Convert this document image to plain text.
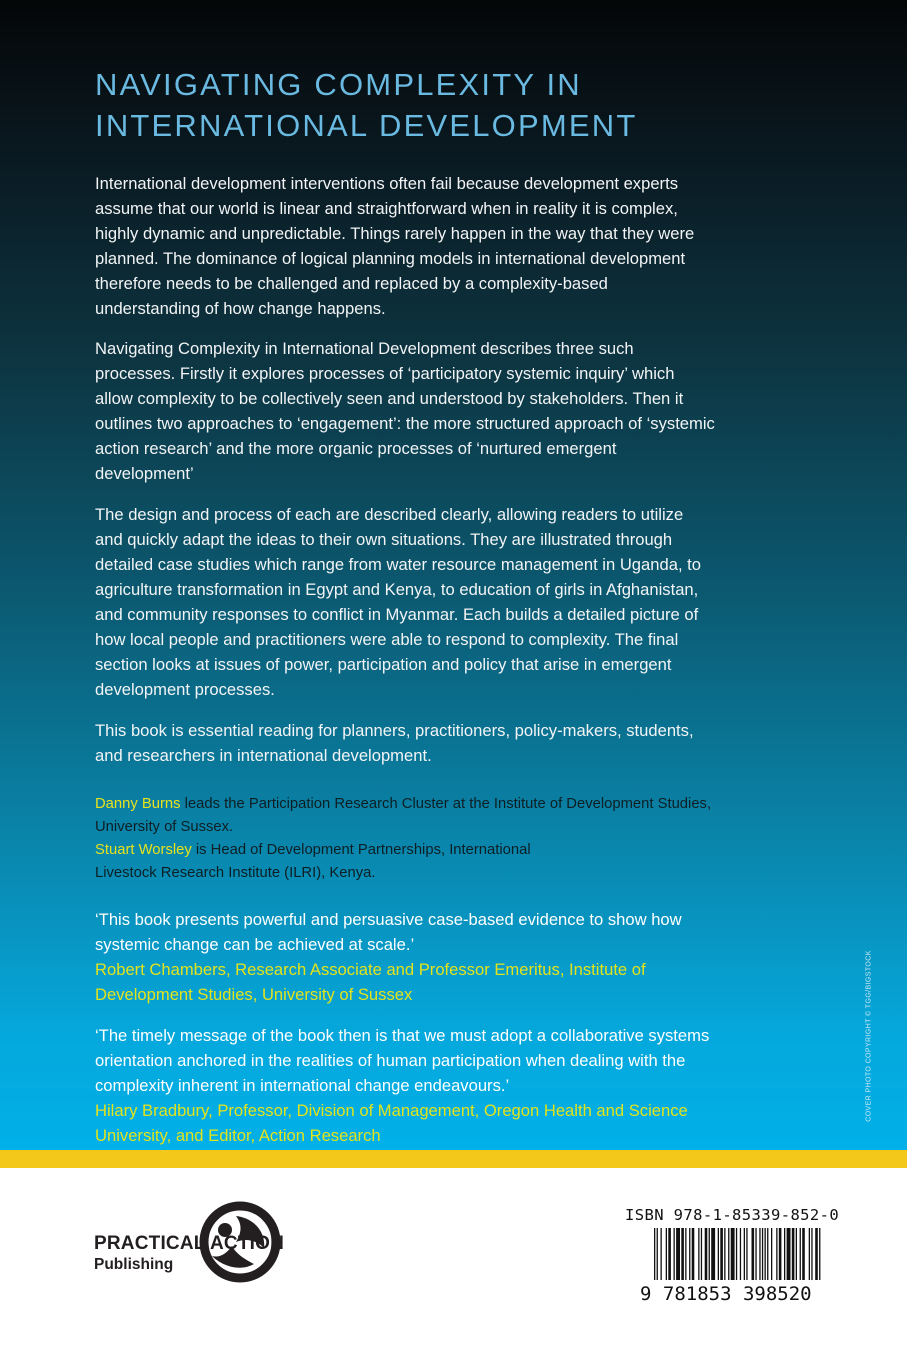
NAVIGATING COMPLEXITY IN
INTERNATIONAL DEVELOPMENT

International development interventions often fail because development experts assume that our world is linear and straightforward when in reality it is complex, highly dynamic and unpredictable. Things rarely happen in the way that they were planned. The dominance of logical planning models in international development therefore needs to be challenged and replaced by a complexity-based understanding of how change happens.

Navigating Complexity in International Development describes three such processes. Firstly it explores processes of ‘participatory systemic inquiry’ which allow complexity to be collectively seen and understood by stakeholders. Then it outlines two approaches to ‘engagement’: the more structured approach of ‘systemic action research’ and the more organic processes of ‘nurtured emergent development’

The design and process of each are described clearly, allowing readers to utilize and quickly adapt the ideas to their own situations. They are illustrated through detailed case studies which range from water resource management in Uganda, to agriculture transformation in Egypt and Kenya, to education of girls in Afghanistan, and community responses to conflict in Myanmar. Each builds a detailed picture of how local people and practitioners were able to respond to complexity. The final section looks at issues of power, participation and policy that arise in emergent development processes.

This book is essential reading for planners, practitioners, policy-makers, students, and researchers in international development.

Danny Burns leads the Participation Research Cluster at the Institute of Development Studies, University of Sussex.

Stuart Worsley is Head of Development Partnerships, International Livestock Research Institute (ILRI), Kenya.

‘This book presents powerful and persuasive case-based evidence to show how systemic change can be achieved at scale.’
Robert Chambers, Research Associate and Professor Emeritus, Institute of Development Studies, University of Sussex

‘The timely message of the book then is that we must adopt a collaborative systems orientation anchored in the realities of human participation when dealing with the complexity inherent in international change endeavours.’
Hilary Bradbury, Professor, Division of Management, Oregon Health and Science University, and Editor, Action Research

COVER PHOTO COPYRIGHT © TGG/BIGSTOCK

PRACTICAL ACTION
Publishing

ISBN 978-1-85339-852-0

9 781853 398520
